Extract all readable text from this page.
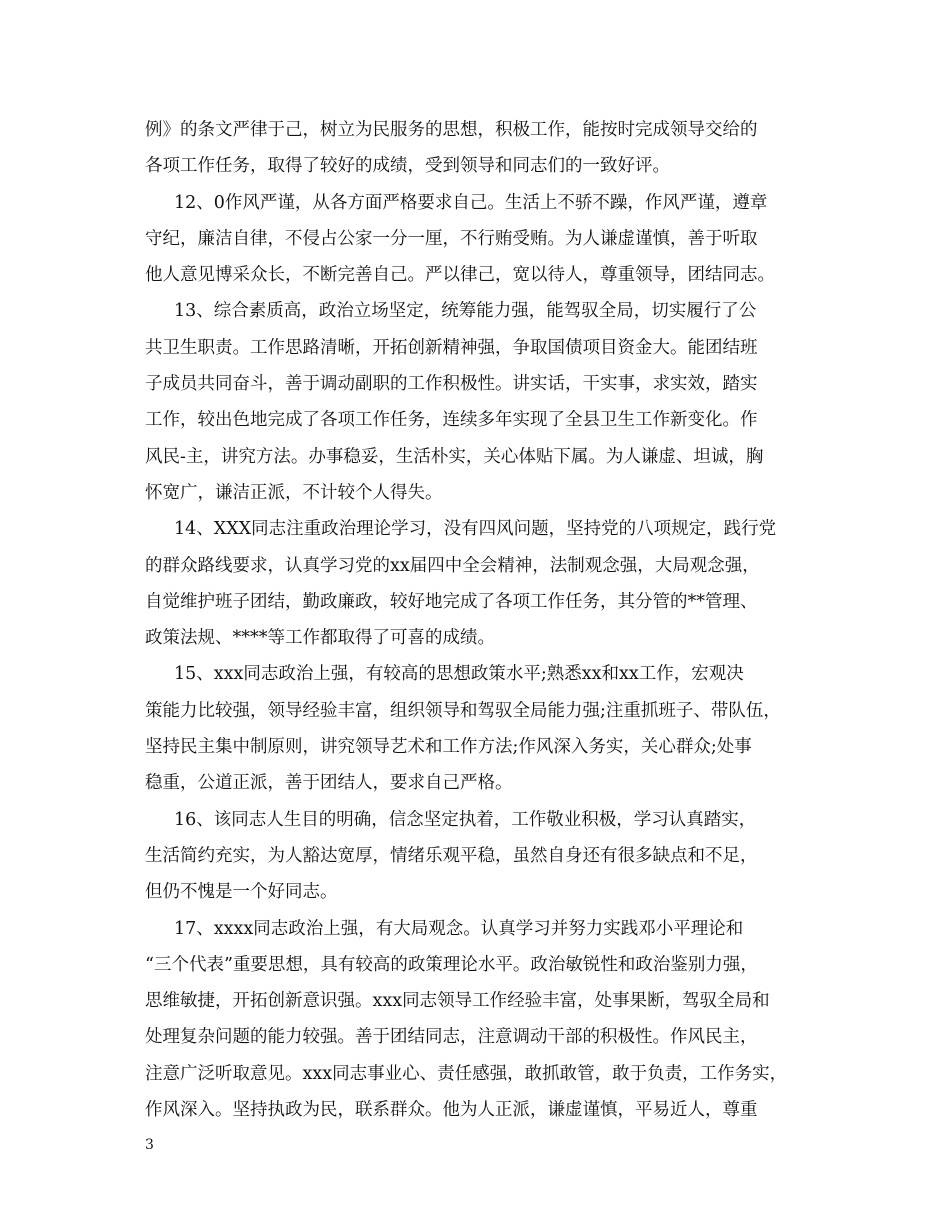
例》的条文严律于己，树立为民服务的思想，积极工作，能按时完成领导交给的
各项工作任务，取得了较好的成绩，受到领导和同志们的一致好评。
12、0作风严谨，从各方面严格要求自己。生活上不骄不躁，作风严谨，遵章
守纪，廉洁自律，不侵占公家一分一厘，不行贿受贿。为人谦虚谨慎，善于听取
他人意见博采众长，不断完善自己。严以律己，宽以待人，尊重领导，团结同志。
13、综合素质高，政治立场坚定，统筹能力强，能驾驭全局，切实履行了公
共卫生职责。工作思路清晰，开拓创新精神强，争取国债项目资金大。能团结班
子成员共同奋斗，善于调动副职的工作积极性。讲实话，干实事，求实效，踏实
工作，较出色地完成了各项工作任务，连续多年实现了全县卫生工作新变化。作
风民-主，讲究方法。办事稳妥，生活朴实，关心体贴下属。为人谦虚、坦诚，胸
怀宽广，谦洁正派，不计较个人得失。
14、XXX同志注重政治理论学习，没有四风问题，坚持党的八项规定，践行党
的群众路线要求，认真学习党的xx届四中全会精神，法制观念强，大局观念强，
自觉维护班子团结，勤政廉政，较好地完成了各项工作任务，其分管的**管理、
政策法规、****等工作都取得了可喜的成绩。
15、xxx同志政治上强，有较高的思想政策水平;熟悉xx和xx工作，宏观决
策能力比较强，领导经验丰富，组织领导和驾驭全局能力强;注重抓班子、带队伍，
坚持民主集中制原则，讲究领导艺术和工作方法;作风深入务实，关心群众;处事
稳重，公道正派，善于团结人，要求自己严格。
16、该同志人生目的明确，信念坚定执着，工作敬业积极，学习认真踏实，
生活简约充实，为人豁达宽厚，情绪乐观平稳，虽然自身还有很多缺点和不足，
但仍不愧是一个好同志。
17、xxxx同志政治上强，有大局观念。认真学习并努力实践邓小平理论和
“三个代表”重要思想，具有较高的政策理论水平。政治敏锐性和政治鉴别力强，
思维敏捷，开拓创新意识强。xxx同志领导工作经验丰富，处事果断，驾驭全局和
处理复杂问题的能力较强。善于团结同志，注意调动干部的积极性。作风民主，
注意广泛听取意见。xxx同志事业心、责任感强，敢抓敢管，敢于负责，工作务实，
作风深入。坚持执政为民，联系群众。他为人正派，谦虚谨慎，平易近人，尊重
3
